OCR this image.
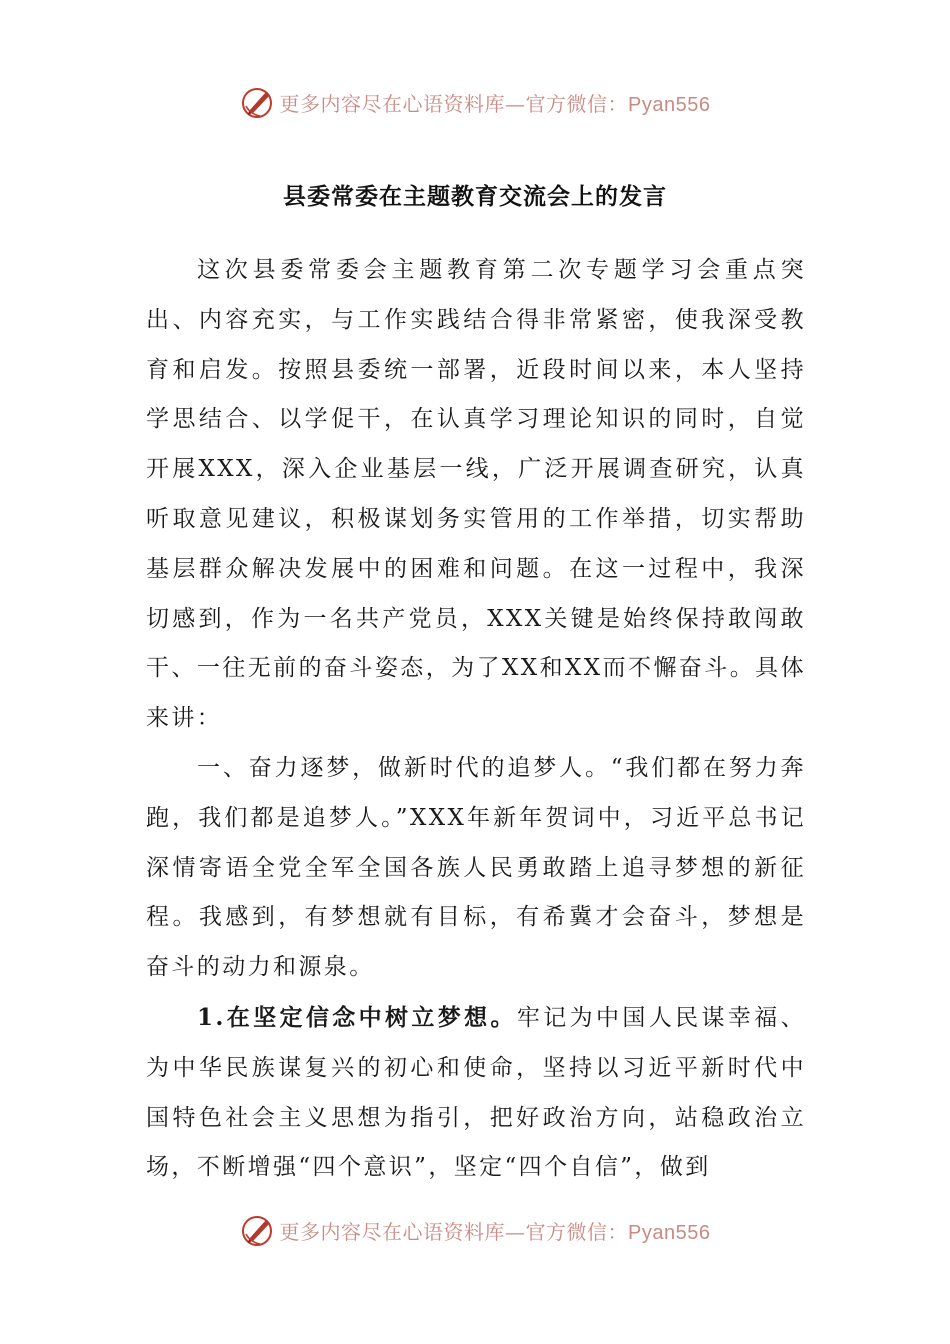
更多内容尽在心语资料库—官方微信：Pyan556
县委常委在主题教育交流会上的发言

这次县委常委会主题教育第二次专题学习会重点突出、内容充实，与工作实践结合得非常紧密，使我深受教育和启发。按照县委统一部署，近段时间以来，本人坚持学思结合、以学促干，在认真学习理论知识的同时，自觉开展XXX，深入企业基层一线，广泛开展调查研究，认真听取意见建议，积极谋划务实管用的工作举措，切实帮助基层群众解决发展中的困难和问题。在这一过程中，我深切感到，作为一名共产党员，XXX关键是始终保持敢闯敢干、一往无前的奋斗姿态，为了XX和XX而不懈奋斗。具体来讲：

一、奋力逐梦，做新时代的追梦人。“我们都在努力奔跑，我们都是追梦人。”XXX年新年贺词中，习近平总书记深情寄语全党全军全国各族人民勇敢踏上追寻梦想的新征程。我感到，有梦想就有目标，有希冀才会奋斗，梦想是奋斗的动力和源泉。

1.在坚定信念中树立梦想。牢记为中国人民谋幸福、为中华民族谋复兴的初心和使命，坚持以习近平新时代中国特色社会主义思想为指引，把好政治方向，站稳政治立场，不断增强“四个意识”，坚定“四个自信”，做到

更多内容尽在心语资料库—官方微信：Pyan556
